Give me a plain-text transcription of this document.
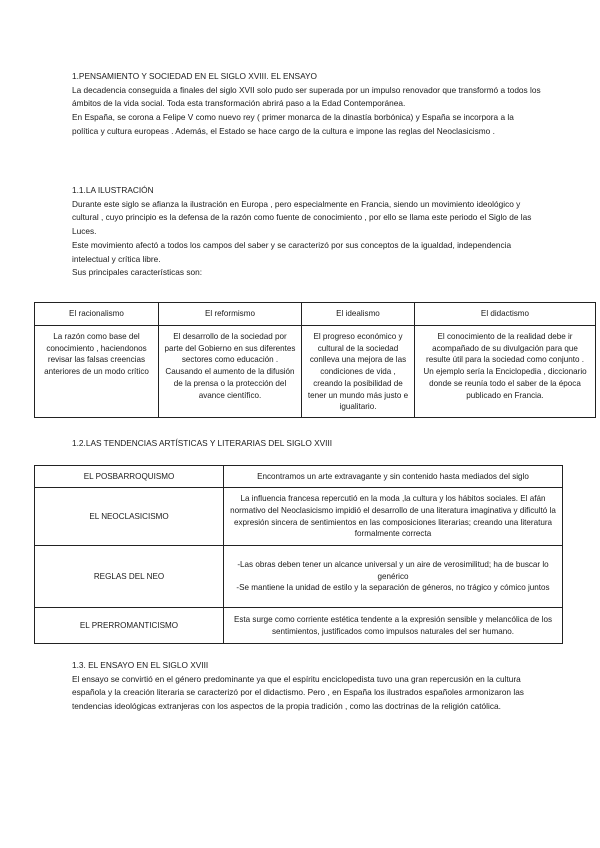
1.PENSAMIENTO Y SOCIEDAD EN EL SIGLO XVIII. EL ENSAYO

La decadencia conseguida a finales del siglo XVII solo pudo ser superada por un impulso renovador que transformó a todos los ámbitos de la vida social. Toda esta transformación abrirá paso a la Edad Contemporánea.

En España, se corona a Felipe V como nuevo rey ( primer monarca de la dinastía borbónica) y España se incorpora a la política y cultura europeas . Además, el Estado se hace cargo de la cultura e impone las reglas del Neoclasicismo .

1.1.LA ILUSTRACIÓN

Durante este siglo se afianza la ilustración en Europa , pero especialmente en Francia, siendo un movimiento ideológico y cultural , cuyo principio es la defensa de la razón como fuente de conocimiento , por ello se llama este periodo el Siglo de las Luces.

Este movimiento afectó a todos los campos del saber y se caracterizó por sus conceptos de la igualdad, independencia intelectual y crítica libre.

Sus principales características son:

El racionalismo	El reformismo	El idealismo	El didactismo
La razón como base del conocimiento , haciendonos revisar las falsas creencias anteriores de un modo crítico	El desarrollo de la sociedad por parte del Gobierno en sus diferentes sectores como educación . Causando el aumento de la difusión de la prensa o la protección del avance científico.	El progreso económico y cultural de la sociedad conlleva una mejora de las condiciones de vida , creando la posibilidad de tener un mundo más justo e igualitario.	El conocimiento de la realidad debe ir acompañado de su divulgación para que resulte útil para la sociedad como conjunto .
Un ejemplo sería la Enciclopedia , diccionario donde se reunía todo el saber de la época publicado en Francia.

1.2.LAS TENDENCIAS ARTÍSTICAS Y LITERARIAS DEL SIGLO XVIII

EL POSBARROQUISMO	Encontramos un arte extravagante y sin contenido hasta mediados del siglo
EL NEOCLASICISMO	La influencia francesa repercutió en la moda ,la cultura y los hábitos sociales. El afán normativo del Neoclasicismo impidió el desarrollo de una literatura imaginativa y dificultó la expresión sincera de sentimientos en las composiciones literarias; creando una literatura formalmente correcta
REGLAS DEL NEO	-Las obras deben tener un alcance universal y un aire de verosimilitud; ha de buscar lo genérico
-Se mantiene la unidad de estilo y la separación de géneros, no trágico y cómico juntos
EL PRERROMANTICISMO	Esta surge como corriente estética tendente a la expresión sensible y melancólica de los sentimientos, justificados como impulsos naturales del ser humano.

1.3. EL ENSAYO EN EL SIGLO XVIII

El ensayo se convirtió en el género predominante ya que el espíritu enciclopedista tuvo una gran repercusión en la cultura española y la creación literaria se caracterizó por el didactismo. Pero , en España los ilustrados españoles armonizaron las tendencias ideológicas extranjeras con los aspectos de la propia tradición , como las doctrinas de la religión católica.
